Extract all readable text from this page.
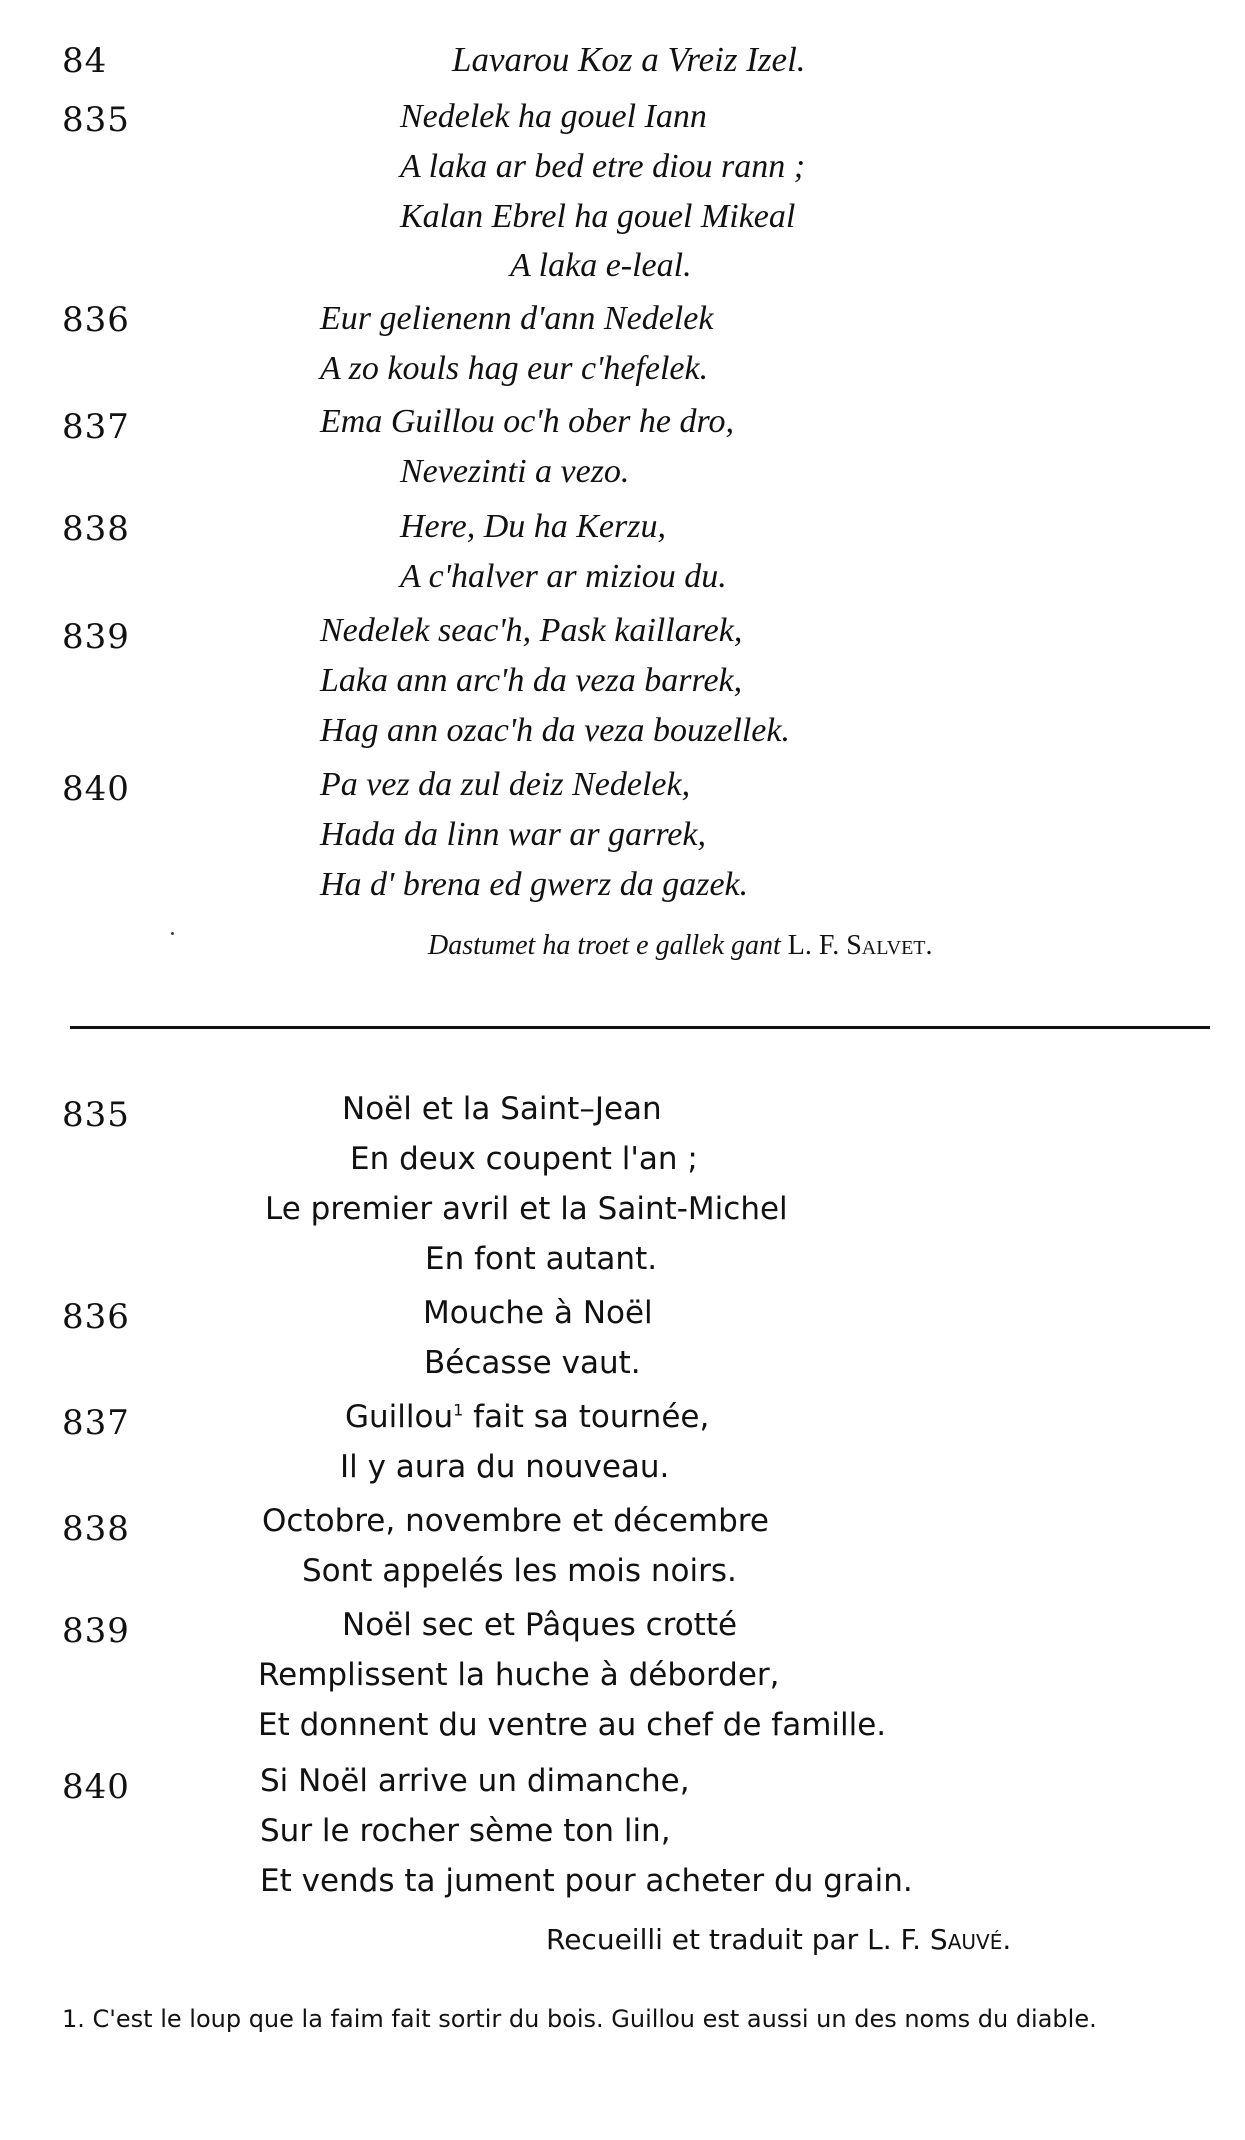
84	Lavarou Koz a Vreiz Izel.
835	Nedelek ha gouel Iann
A laka ar bed etre diou rann ;
Kalan Ebrel ha gouel Mikeal
A laka e-leal.
836	Eur gelienenn d'ann Nedelek
A zo kouls hag eur c'hefelek.
837	Ema Guillou oc'h ober he dro,
Nevezinti a vezo.
838	Here, Du ha Kerzu,
A c'halver ar miziou du.
839	Nedelek seac'h, Pask kaillarek,
Laka ann arc'h da veza barrek,
Hag ann ozac'h da veza bouzellek.
840	Pa vez da zul deiz Nedelek,
Hada da linn war ar garrek,
Ha d' brena ed gwerz da gazek.
Dastumet ha troet e gallek gant L. F. Salvet.
835	Noël et la Saint–Jean
En deux coupent l'an ;
Le premier avril et la Saint-Michel
En font autant.
836	Mouche à Noël
Bécasse vaut.
837	Guillou$^1$ fait sa tournée,
Il y aura du nouveau.
838	Octobre, novembre et décembre
Sont appelés les mois noirs.
839	Noël sec et Pâques crotté
Remplissent la huche à déborder,
Et donnent du ventre au chef de famille.
840	Si Noël arrive un dimanche,
Sur le rocher sème ton lin,
Et vends ta jument pour acheter du grain.
Recueilli et traduit par L. F. Sauvé.
1. C'est le loup que la faim fait sortir du bois. Guillou est aussi un des noms du diable.
